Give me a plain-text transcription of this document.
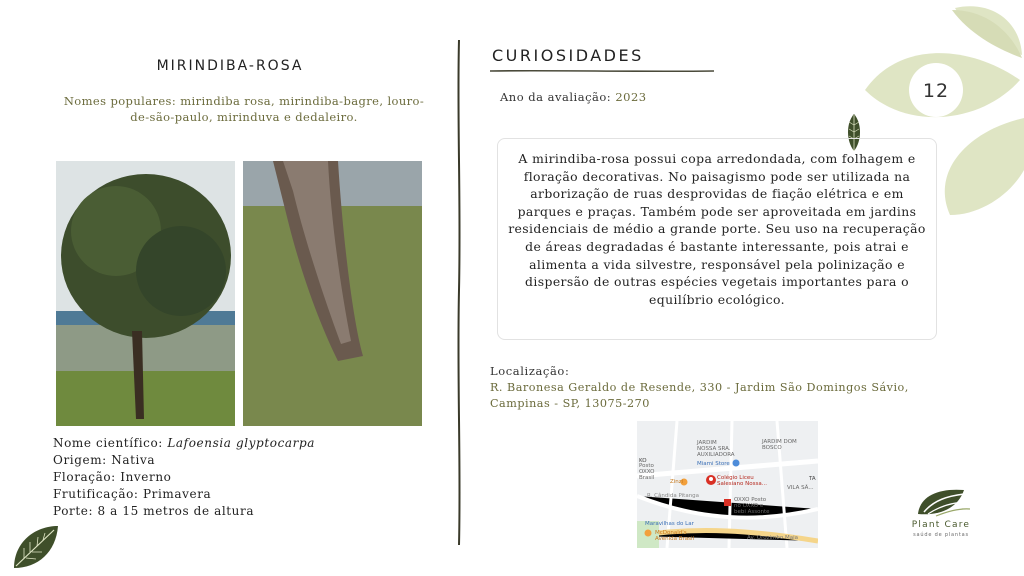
12
MIRINDIBA-ROSA
Nomes populares: mirindiba rosa, mirindiba-bagre, louro-de-são-paulo, mirinduva e dedaleiro.
Nome científico: Lafoensia glyptocarpa
Origem: Nativa
Floração: Inverno
Frutificação: Primavera
Porte: 8 a 15 metros de altura
CURIOSIDADES
Ano da avaliação: 2023
A mirindiba-rosa possui copa arredondada, com folhagem e floração decorativas. No paisagismo pode ser utilizada na arborização de ruas desprovidas de fiação elétrica e em parques e praças. Também pode ser aproveitada em jardins residenciais de médio a grande porte. Seu uso na recuperação de áreas degradadas é bastante interessante, pois atrai e alimenta a vida silvestre, responsável pela polinização e dispersão de outras espécies vegetais importantes para o equilíbrio ecológico.
Localização:
R. Baronesa Geraldo de Resende, 330 - Jardim São Domingos Sávio, Campinas - SP, 13075-270
JARDIM NOSSA SRA. AUXILIADORA
JARDIM DOM BOSCO
Miami Store
Zinzi
Posto OXXO Brasil	Colégio Liceu Salesiano Nossa...
OXXO Posto no OXXO e bebi Assonte
VILA SÃ...
TA
KO
R. Cândida Pitanga
Maravilhas do Lar
McDonald's Avenida Brasil	Av. Orozimbo Maia
Plant Care
saúde de plantas
